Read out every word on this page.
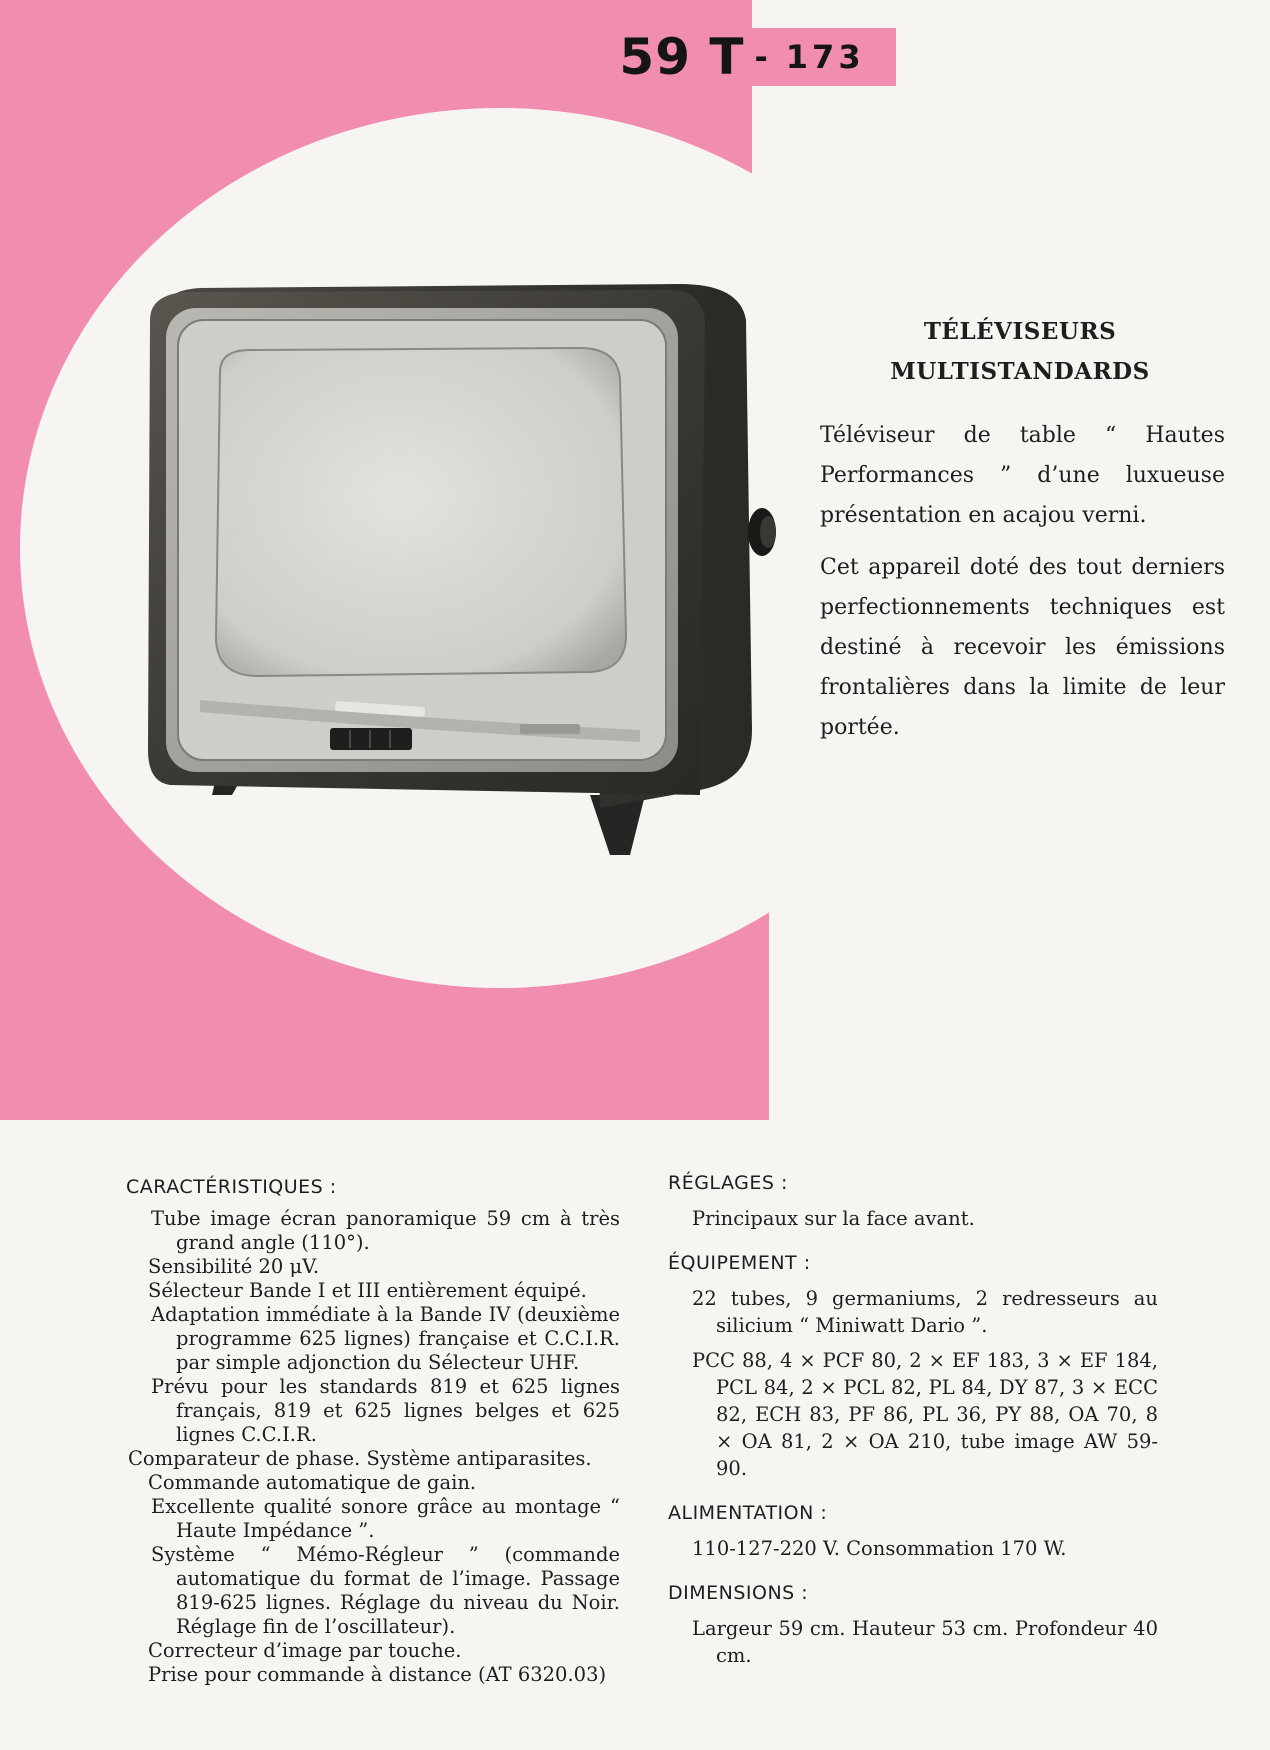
59 T - 173
TÉLÉVISEURS
MULTISTANDARDS

Téléviseur de table “ Hautes Performances ” d’une luxueuse présentation en acajou verni.

Cet appareil doté des tout derniers perfectionnements techniques est destiné à recevoir les émissions frontalières dans la limite de leur portée.

CARACTÉRISTIQUES :

Tube image écran panoramique 59 cm à très grand angle (110°).

Sensibilité 20 μV.

Sélecteur Bande I et III entièrement équipé.

Adaptation immédiate à la Bande IV (deuxième programme 625 lignes) française et C.C.I.R. par simple adjonction du Sélecteur UHF.

Prévu pour les standards 819 et 625 lignes français, 819 et 625 lignes belges et 625 lignes C.C.I.R.

Comparateur de phase. Système antiparasites.

Commande automatique de gain.

Excellente qualité sonore grâce au montage “ Haute Impédance ”.

Système “ Mémo-Régleur ” (commande automatique du format de l’image. Passage 819-625 lignes. Réglage du niveau du Noir. Réglage fin de l’oscillateur).

Correcteur d’image par touche.

Prise pour commande à distance (AT 6320.03)

RÉGLAGES :

Principaux sur la face avant.

ÉQUIPEMENT :

22 tubes, 9 germaniums, 2 redresseurs au silicium “ Miniwatt Dario ”.

PCC 88, 4 × PCF 80, 2 × EF 183, 3 × EF 184, PCL 84, 2 × PCL 82, PL 84, DY 87, 3 × ECC 82, ECH 83, PF 86, PL 36, PY 88, OA 70, 8 × OA 81, 2 × OA 210, tube image AW 59-90.

ALIMENTATION :

110-127-220 V. Consommation 170 W.

DIMENSIONS :

Largeur 59 cm. Hauteur 53 cm. Profondeur 40 cm.
